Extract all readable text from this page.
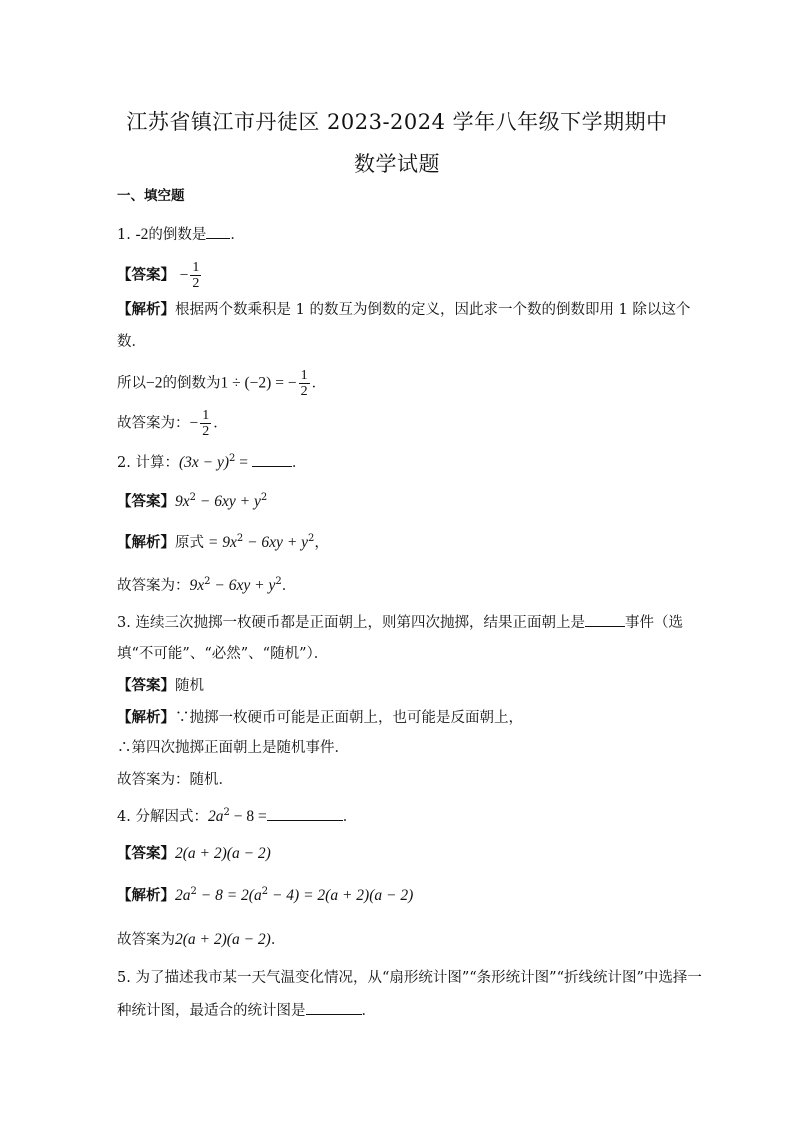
江苏省镇江市丹徒区 2023-2024 学年八年级下学期期中
数学试题
一、填空题
1. -2的倒数是 ．
【答案】 − $\frac{1}{2}$
【解析】根据两个数乘积是 1 的数互为倒数的定义，因此求一个数的倒数即用 1 除以这个
数．
所以−2的倒数为1 ÷ (−2) = − $\frac{1}{2}$ ．
故答案为：− $\frac{1}{2}$ ．
2. 计算：$(3x - y)^2$ =	．
【答案】$9x^2 - 6xy + y^2$
【解析】原式 = $9x^2 - 6xy + y^2$，
故答案为：$9x^2 - 6xy + y^2$．
3. 连续三次抛掷一枚硬币都是正面朝上，则第四次抛掷，结果正面朝上是	事件（选
填“不可能”、“必然”、“随机”）．
【答案】随机
【解析】∵抛掷一枚硬币可能是正面朝上，也可能是反面朝上，
∴第四次抛掷正面朝上是随机事件．
故答案为：随机．
4. 分解因式：$2a^2 - 8$ =	．
【答案】2(a + 2)(a − 2)
【解析】$2a^2 - 8 = 2(a^2 - 4) = 2(a + 2)(a - 2)$
故答案为2(a + 2)(a − 2)．
5. 为了描述我市某一天气温变化情况，从“扇形统计图”“条形统计图”“折线统计图”中选择一
种统计图，最适合的统计图是	．
